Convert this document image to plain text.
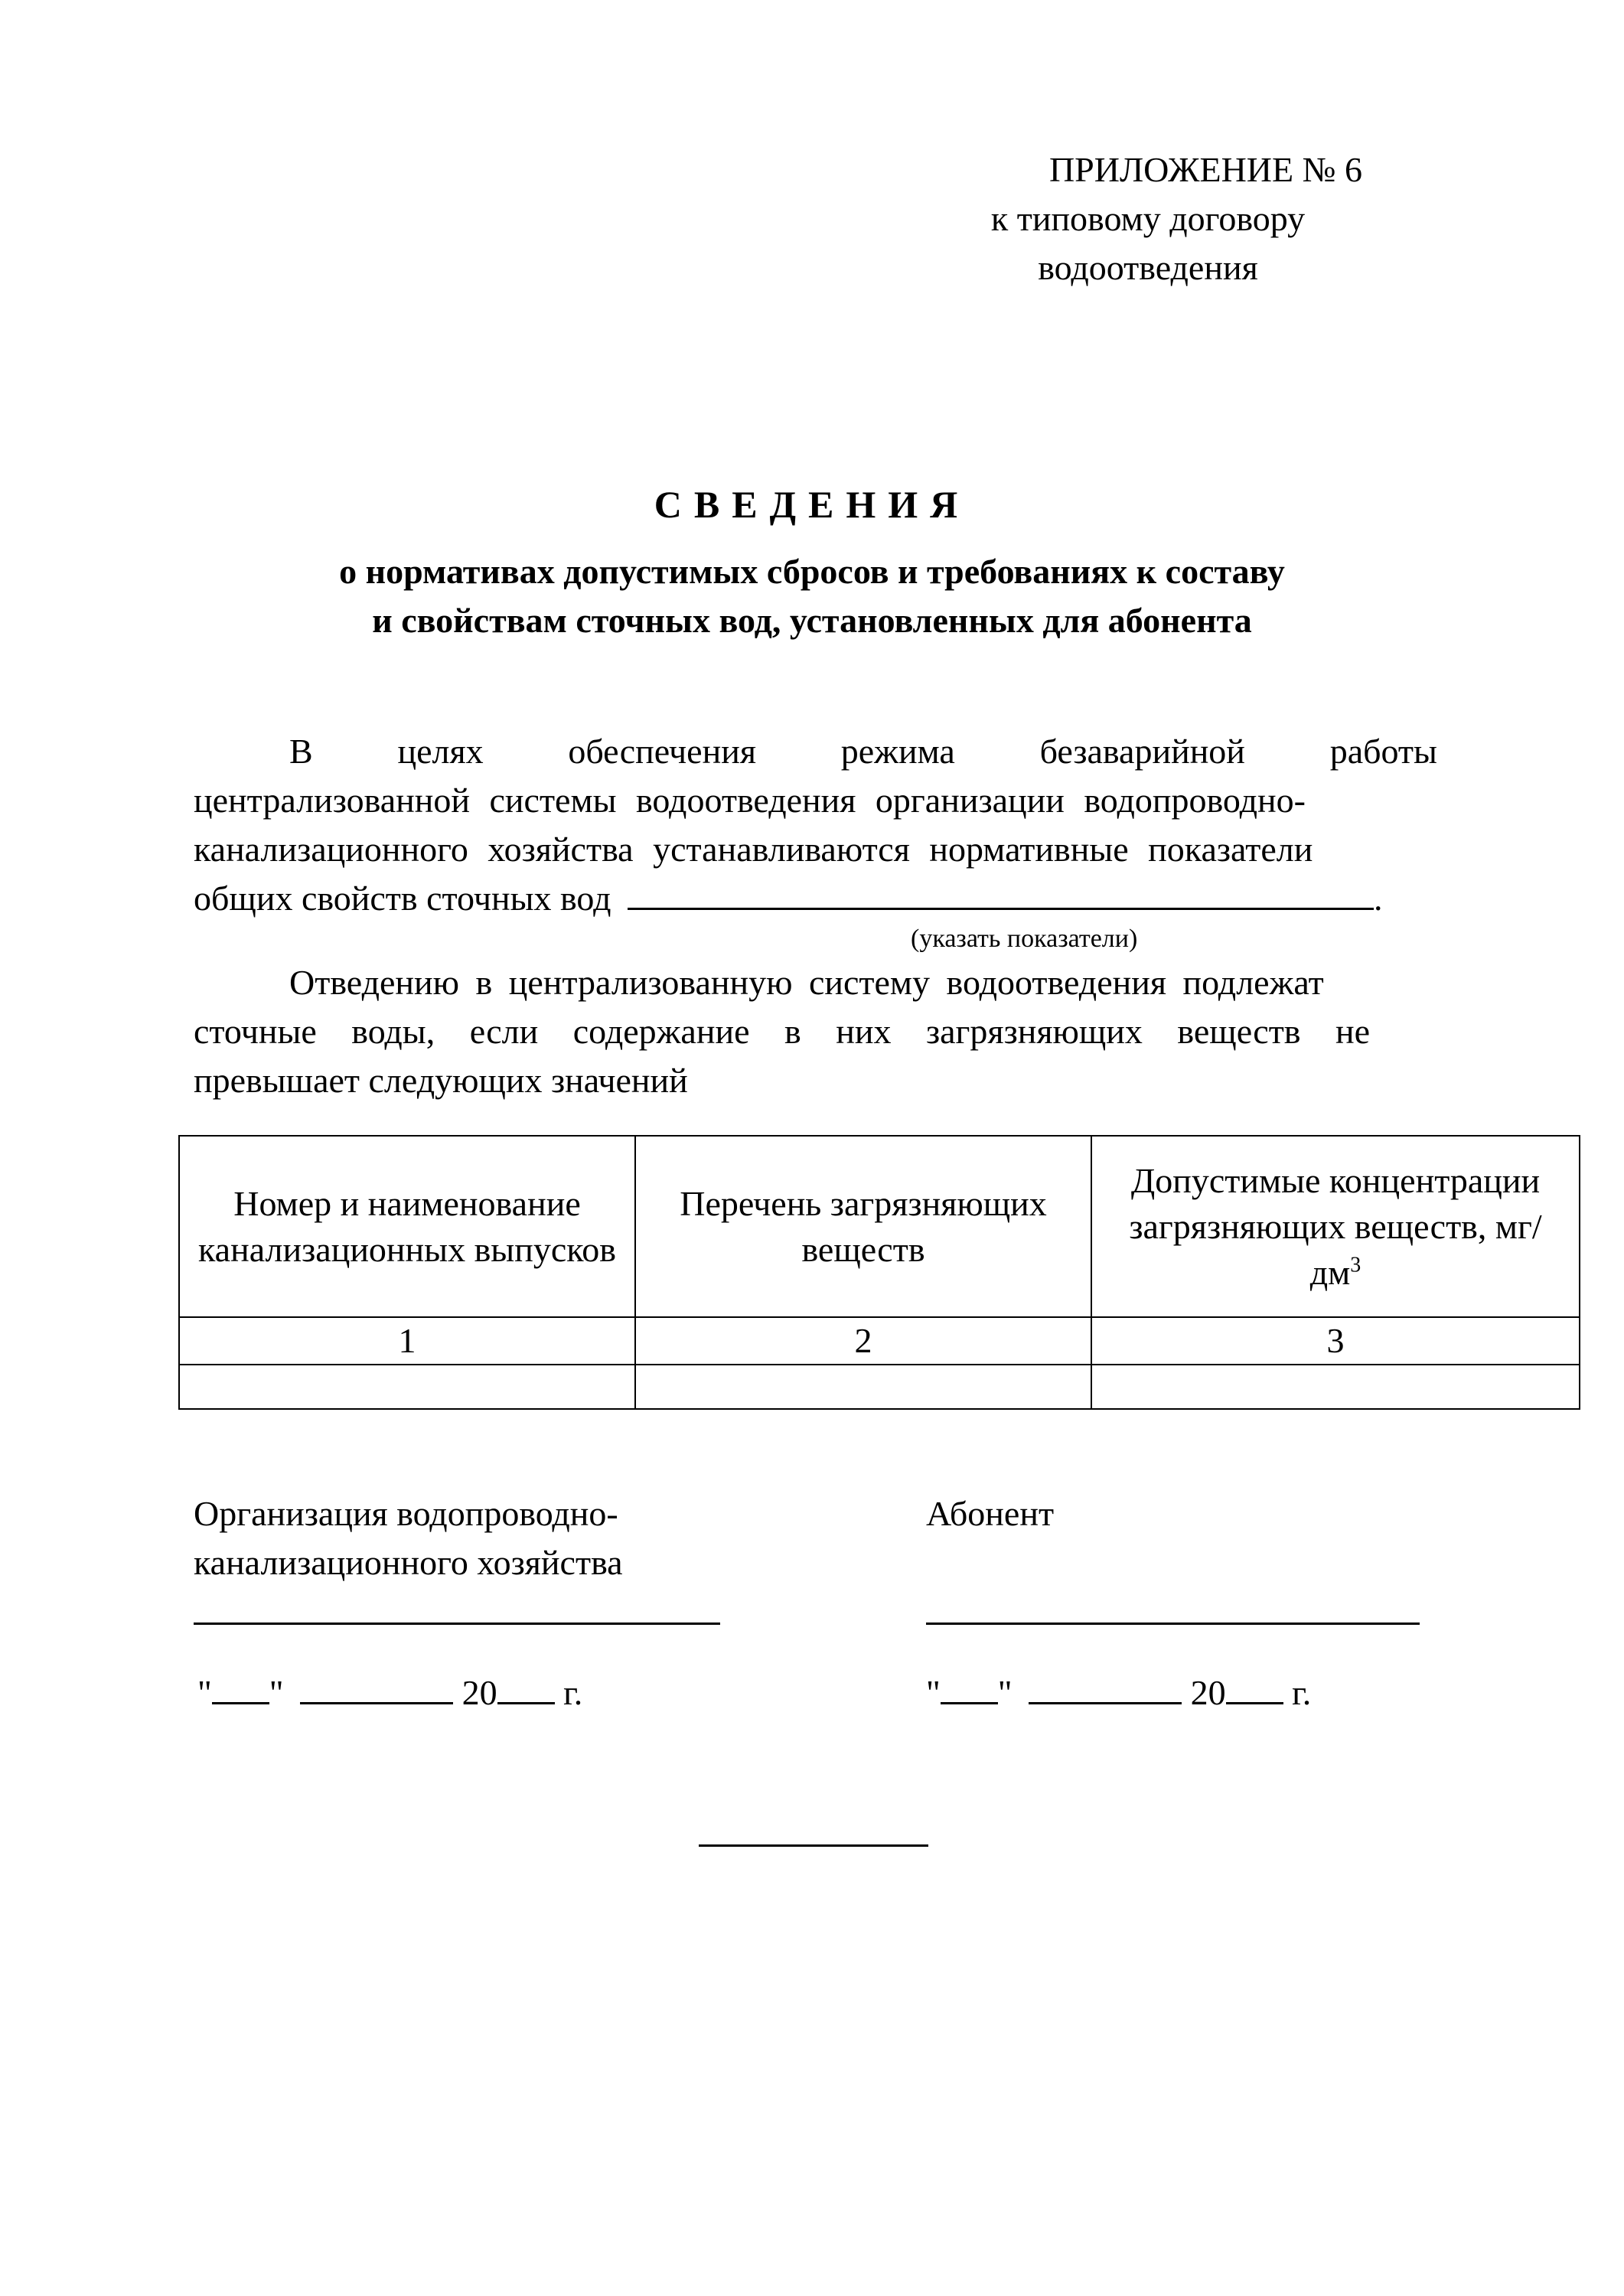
ПРИЛОЖЕНИЕ № 6
к типовому договору
водоотведения
СВЕДЕНИЯ
о нормативах допустимых сбросов и требованиях к составу
и свойствам сточных вод, установленных для абонента
В целях обеспечения режима безаварийной работы
централизованной системы водоотведения организации водопроводно-
канализационного хозяйства устанавливаются нормативные показатели
общих свойств сточных вод	.
(указать показатели)
Отведению в централизованную систему водоотведения подлежат
сточные воды, если содержание в них загрязняющих веществ не
превышает следующих значений
Номер и наименование канализационных выпусков	Перечень загрязняющих веществ	Допустимые концентрации загрязняющих веществ, $мг/дм^3$
1	2	3

Организация водопроводно-
канализационного хозяйства
" "	20 г.
Абонент
" "	20 г.
